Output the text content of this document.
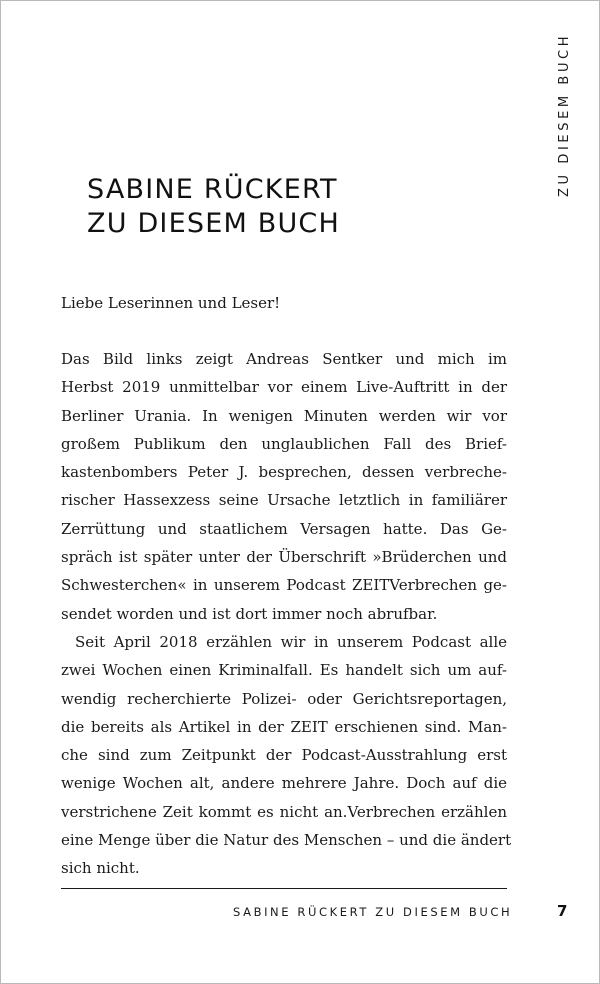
ZU DIESEM BUCH
SABINE RÜCKERT
ZU DIESEM BUCH

Liebe Leserinnen und Leser!

Das Bild links zeigt Andreas Sentker und mich im
Herbst 2019 unmittelbar vor einem Live-Auftritt in der
Berliner Urania. In wenigen Minuten werden wir vor
großem Publikum den unglaublichen Fall des Brief-
kastenbombers Peter J. besprechen, dessen verbreche-
rischer Hassexzess seine Ursache letztlich in familiärer
Zerrüttung und staatlichem Versagen hatte. Das Ge-
spräch ist später unter der Überschrift »Brüderchen und
Schwesterchen« in unserem Podcast ZEITVerbrechen ge-
sendet worden und ist dort immer noch abrufbar.

Seit April 2018 erzählen wir in unserem Podcast alle
zwei Wochen einen Kriminalfall. Es handelt sich um auf-
wendig recherchierte Polizei- oder Gerichtsreportagen,
die bereits als Artikel in der ZEIT erschienen sind. Man-
che sind zum Zeitpunkt der Podcast-Ausstrahlung erst
wenige Wochen alt, andere mehrere Jahre. Doch auf die
verstrichene Zeit kommt es nicht an.Verbrechen erzählen
eine Menge über die Natur des Menschen – und die ändert
sich nicht.

SABINE RÜCKERT ZU DIESEM BUCH	7
